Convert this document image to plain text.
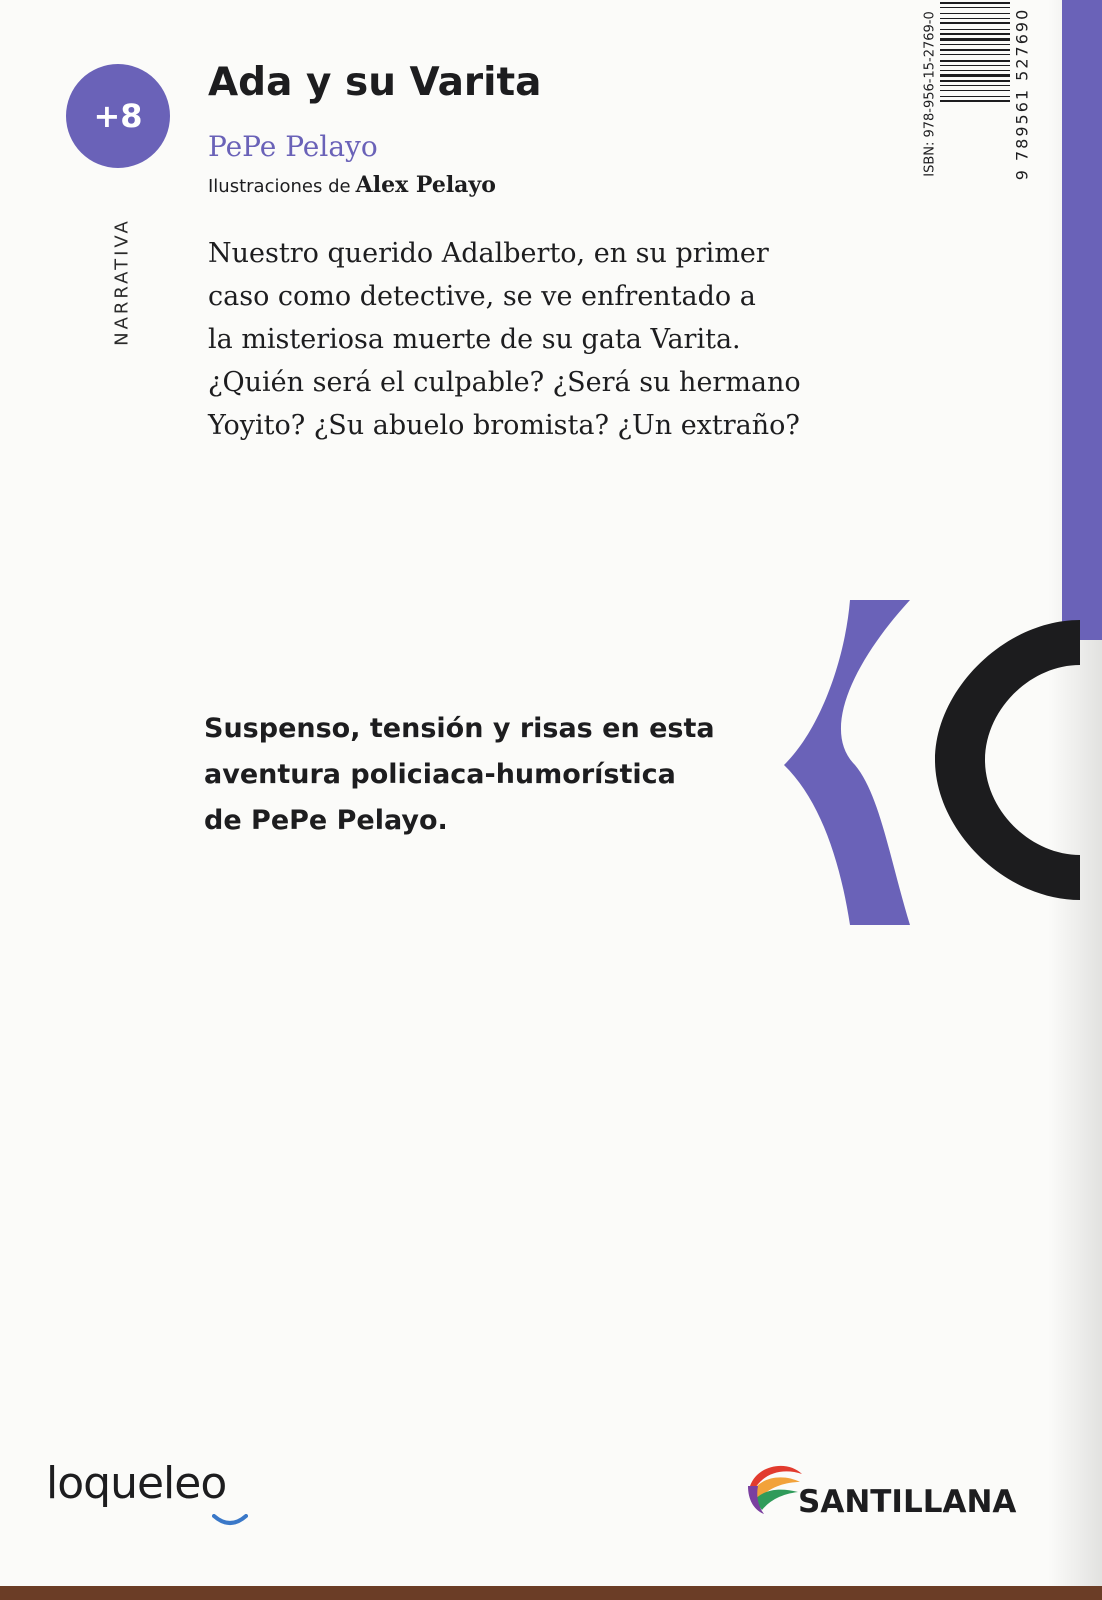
+8
NARRATIVA
Ada y su Varita
PePe Pelayo
Ilustraciones de Alex Pelayo
Nuestro querido Adalberto, en su primer
caso como detective, se ve enfrentado a
la misteriosa muerte de su gata Varita.
¿Quién será el culpable? ¿Será su hermano
Yoyito? ¿Su abuelo bromista? ¿Un extraño?
Suspenso, tensión y risas en esta
aventura policiaca-humorística
de PePe Pelayo.
ISBN: 978-956-15-2769-0	9 789561 527690
loqueleo	SANTILLANA
